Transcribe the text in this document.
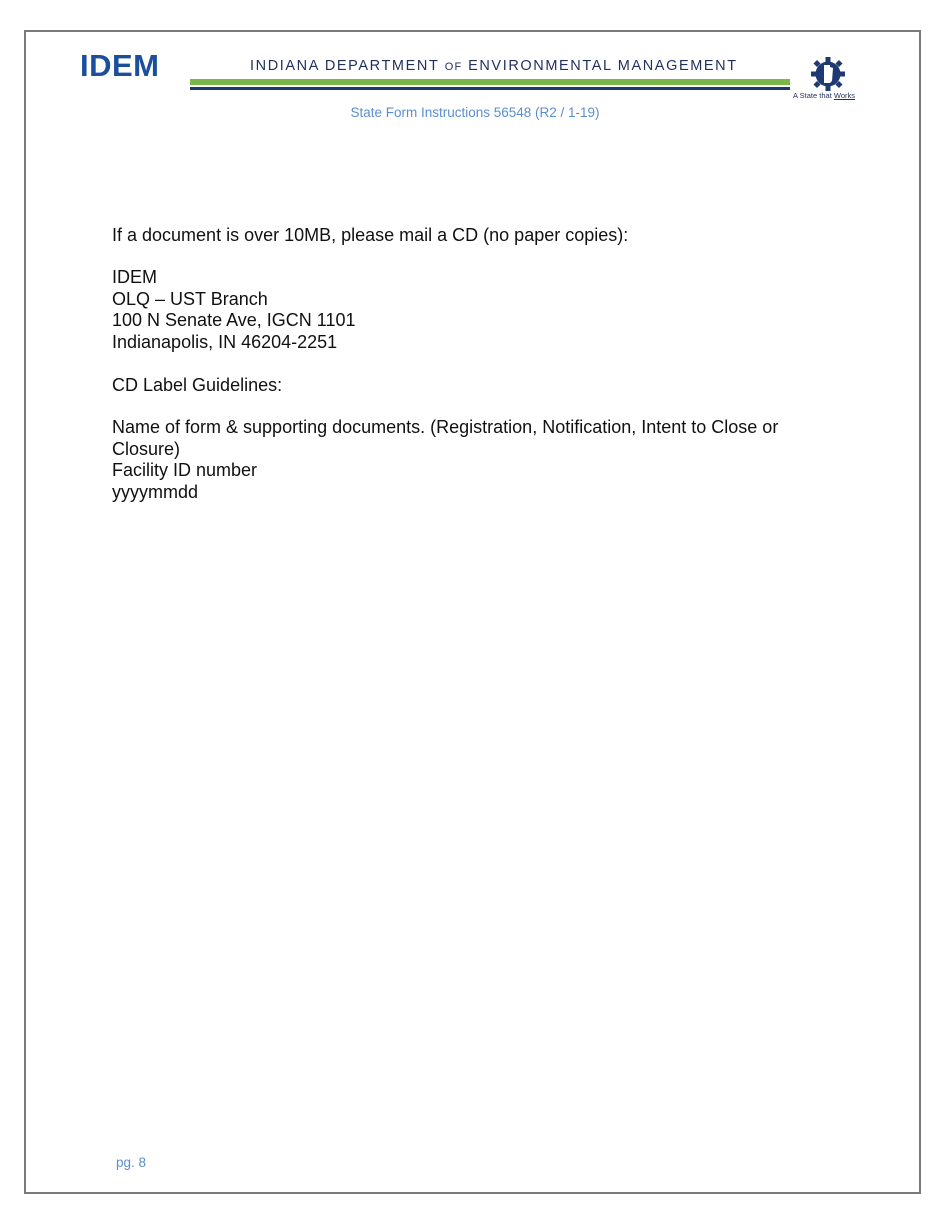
IDEM	INDIANA DEPARTMENT OF ENVIRONMENTAL MANAGEMENT
A State that Works
State Form Instructions 56548 (R2 / 1-19)
If a document is over 10MB, please mail a CD (no paper copies):
IDEM
OLQ – UST Branch
100 N Senate Ave, IGCN 1101
Indianapolis, IN 46204-2251
CD Label Guidelines:
Name of form & supporting documents. (Registration, Notification, Intent to Close or
Closure)
Facility ID number
yyyymmdd
pg. 8
